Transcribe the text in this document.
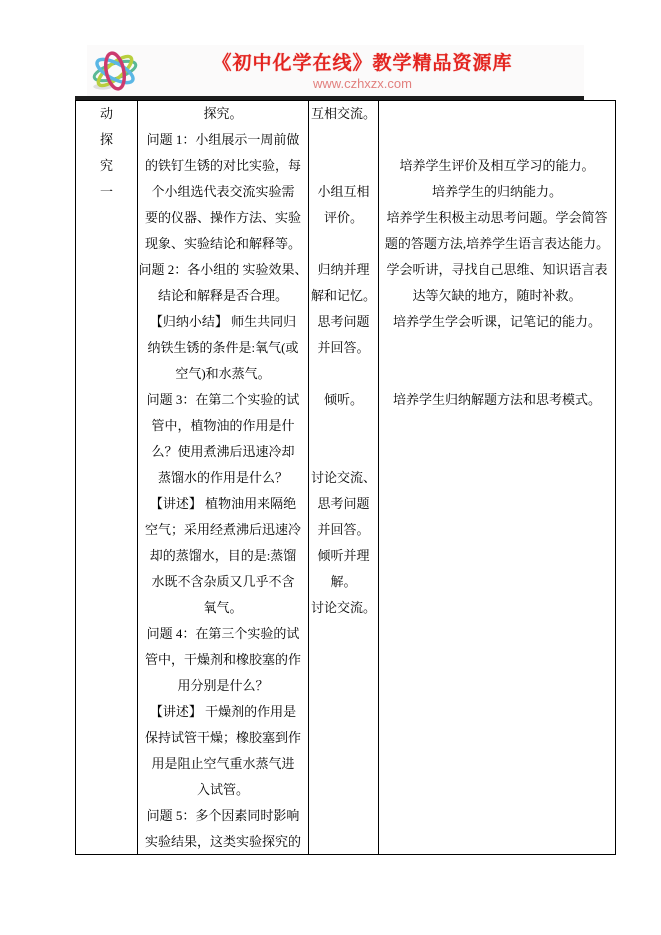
《初中化学在线》教学精品资源库
www.czhxzx.com
动
探
究
一
探究。
问题 1：小组展示一周前做
的铁钉生锈的对比实验，每
个小组选代表交流实验需
要的仪器、操作方法、实验
现象、实验结论和解释等。
问题 2：各小组的 实验效果、
结论和解释是否合理。
【归纳小结】 师生共同归
纳铁生锈的条件是:氧气(或
空气)和水蒸气。
问题 3：在第二个实验的试
管中，植物油的作用是什
么？使用煮沸后迅速冷却
蒸馏水的作用是什么？
【讲述】 植物油用来隔绝
空气；采用经煮沸后迅速冷
却的蒸馏水，目的是:蒸馏
水既不含杂质又几乎不含
氧气。
问题 4：在第三个实验的试
管中，干燥剂和橡胶塞的作
用分别是什么？
【讲述】 干燥剂的作用是
保持试管干燥；橡胶塞到作
用是阻止空气重水蒸气进
入试管。
问题 5：多个因素同时影响
实验结果，这类实验探究的
互相交流。

小组互相
评价。

归纳并理
解和记忆。
思考问题
并回答。

倾听。

讨论交流、
思考问题
并回答。
倾听并理
解。
讨论交流。

培养学生评价及相互学习的能力。
培养学生的归纳能力。
培养学生积极主动思考问题。学会简答
题的答题方法,培养学生语言表达能力。
学会听讲，寻找自己思维、知识语言表
达等欠缺的地方，随时补救。
培养学生学会听课，记笔记的能力。

培养学生归纳解题方法和思考模式。
